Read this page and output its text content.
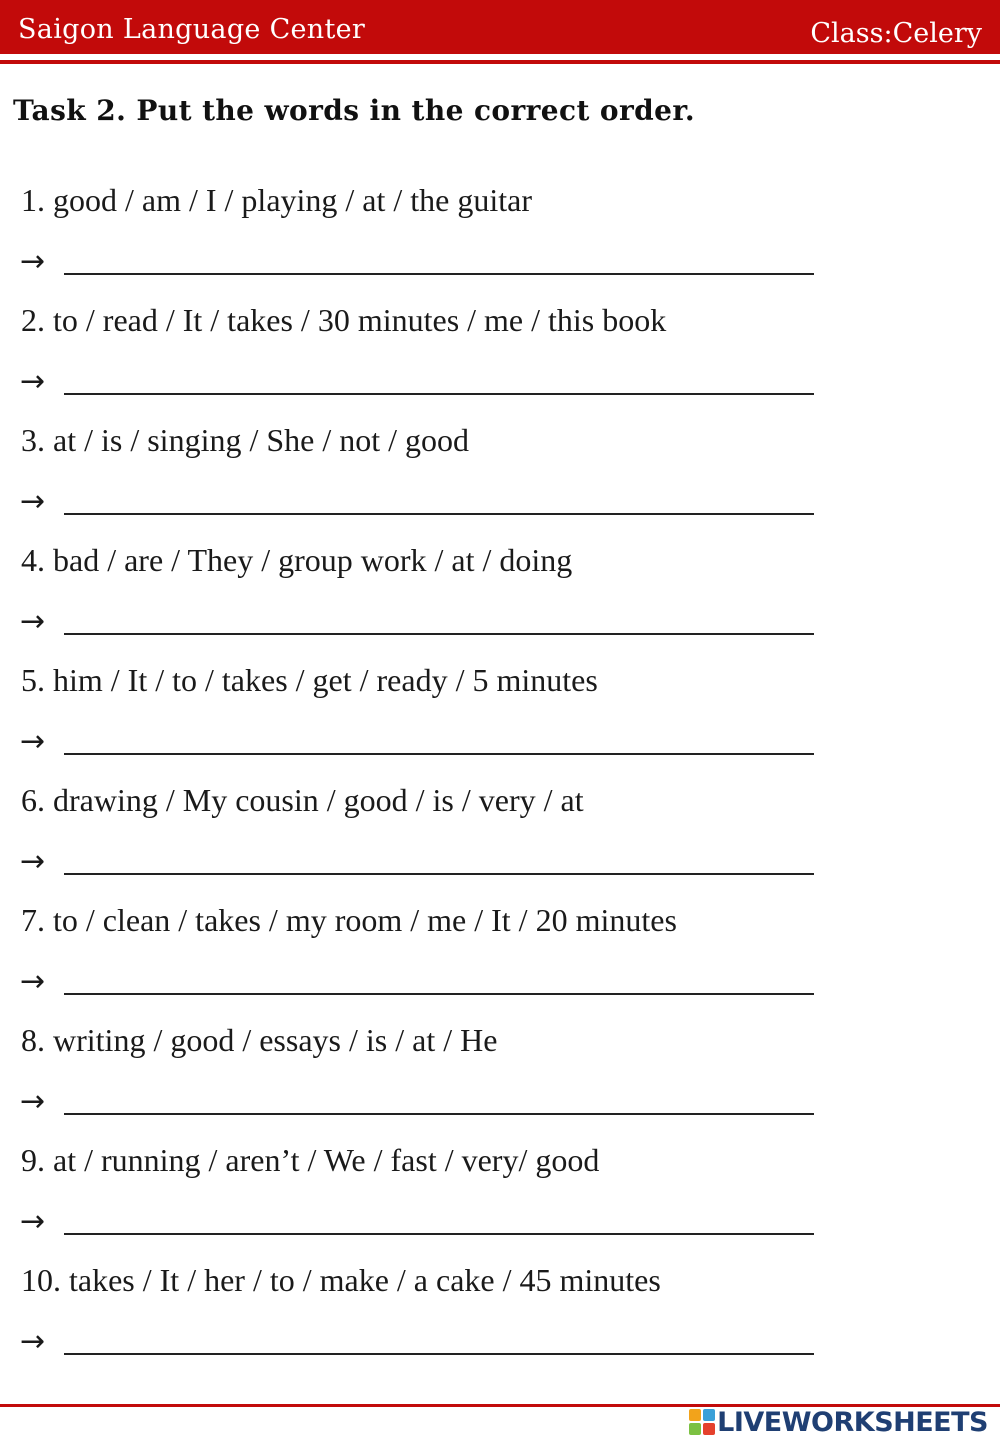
Saigon Language Center	Class:Celery
Task 2. Put the words in the correct order.
1. good / am / I / playing / at / the guitar
→
2. to / read / It / takes / 30 minutes / me / this book
→
3. at / is / singing / She / not / good
→
4. bad / are / They / group work / at / doing
→
5. him / It / to / takes / get / ready / 5 minutes
→
6. drawing / My cousin / good / is / very / at
→
7. to / clean / takes / my room / me / It / 20 minutes
→
8. writing / good / essays / is / at / He
→
9. at / running / aren’t / We / fast / very/ good
→
10. takes / It / her / to / make / a cake / 45 minutes
→
LIVEWORKSHEETS
